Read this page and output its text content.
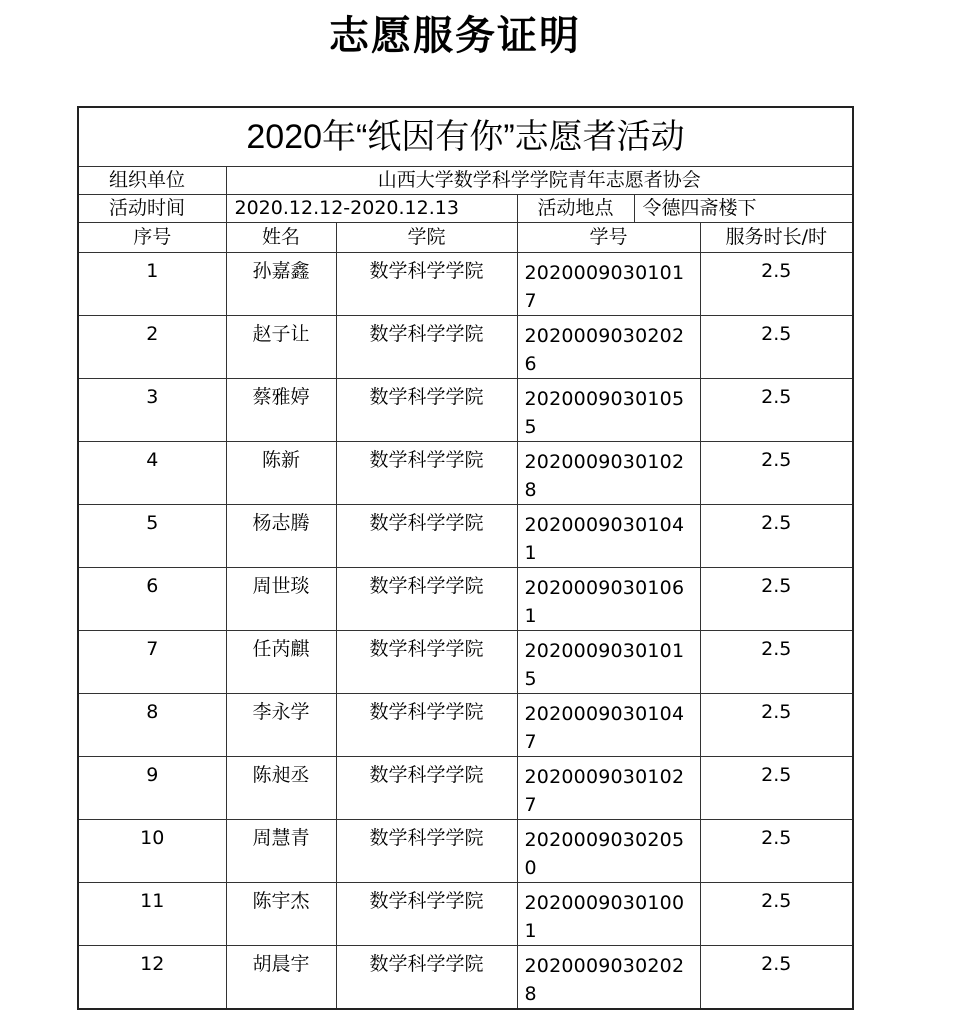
志愿服务证明
2020年“纸因有你”志愿者活动					
组织单位	山西大学数学科学学院青年志愿者协会				
活动时间	2020.12.12-2020.12.13		活动地点	令德四斋楼下	
序号	姓名	学院	学号		服务时长/时
1	孙嘉鑫	数学科学学院	20200090301017		2.5
2	赵子让	数学科学学院	20200090302026		2.5
3	蔡雅婷	数学科学学院	20200090301055		2.5
4	陈新	数学科学学院	20200090301028		2.5
5	杨志腾	数学科学学院	20200090301041		2.5
6	周世琰	数学科学学院	20200090301061		2.5
7	任芮麒	数学科学学院	20200090301015		2.5
8	李永学	数学科学学院	20200090301047		2.5
9	陈昶丞	数学科学学院	20200090301027		2.5
10	周慧青	数学科学学院	20200090302050		2.5
11	陈宇杰	数学科学学院	20200090301001		2.5
12	胡晨宇	数学科学学院	20200090302028		2.5
